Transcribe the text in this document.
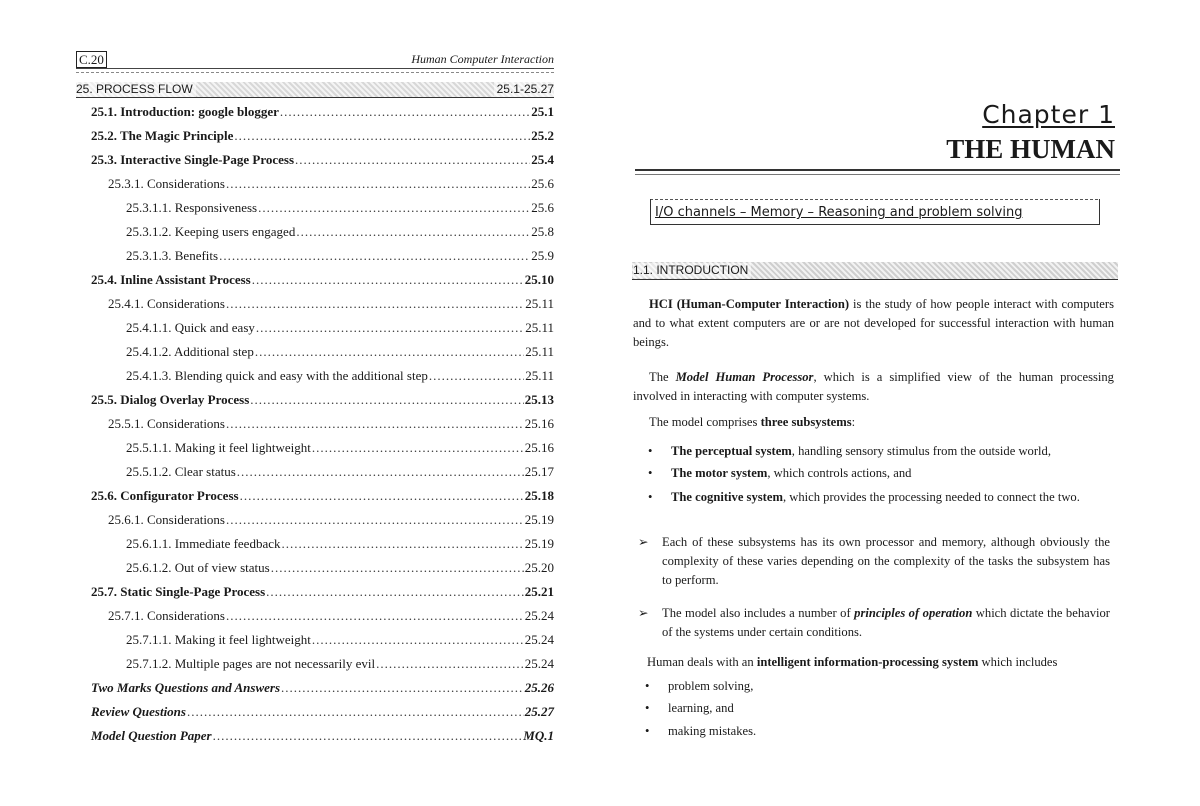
C.20	Human Computer Interaction
25. PROCESS FLOW	25.1-25.27
25.1. Introduction: google blogger .....	25.1
25.2. The Magic Principle .....	25.2
25.3. Interactive Single-Page Process .....	25.4
25.3.1. Considerations .....	25.6
25.3.1.1. Responsiveness .....	25.6
25.3.1.2. Keeping users engaged .....	25.8
25.3.1.3. Benefits .....	25.9
25.4. Inline Assistant Process .....	25.10
25.4.1. Considerations .....	25.11
25.4.1.1. Quick and easy .....	25.11
25.4.1.2. Additional step .....	25.11
25.4.1.3. Blending quick and easy with the additional step .....	25.11
25.5. Dialog Overlay Process .....	25.13
25.5.1. Considerations .....	25.16
25.5.1.1. Making it feel lightweight .....	25.16
25.5.1.2. Clear status .....	25.17
25.6. Configurator Process .....	25.18
25.6.1. Considerations .....	25.19
25.6.1.1. Immediate feedback .....	25.19
25.6.1.2. Out of view status .....	25.20
25.7. Static Single-Page Process .....	25.21
25.7.1. Considerations .....	25.24
25.7.1.1. Making it feel lightweight .....	25.24
25.7.1.2. Multiple pages are not necessarily evil .....	25.24
Two Marks Questions and Answers .....	25.26
Review Questions .....	25.27
Model Question Paper .....	MQ.1
Chapter 1
THE HUMAN
I/O channels – Memory – Reasoning and problem solving
1.1. INTRODUCTION
HCI (Human-Computer Interaction) is the study of how people interact with computers and to what extent computers are or are not developed for successful interaction with human beings.
The Model Human Processor, which is a simplified view of the human processing involved in interacting with computer systems.
The model comprises three subsystems:
• The perceptual system, handling sensory stimulus from the outside world,
• The motor system, which controls actions, and
• The cognitive system, which provides the processing needed to connect the two.
➢ Each of these subsystems has its own processor and memory, although obviously the complexity of these varies depending on the complexity of the tasks the subsystem has to perform.
➢ The model also includes a number of principles of operation which dictate the behavior of the systems under certain conditions.
Human deals with an intelligent information-processing system which includes
• problem solving,
• learning, and
• making mistakes.
